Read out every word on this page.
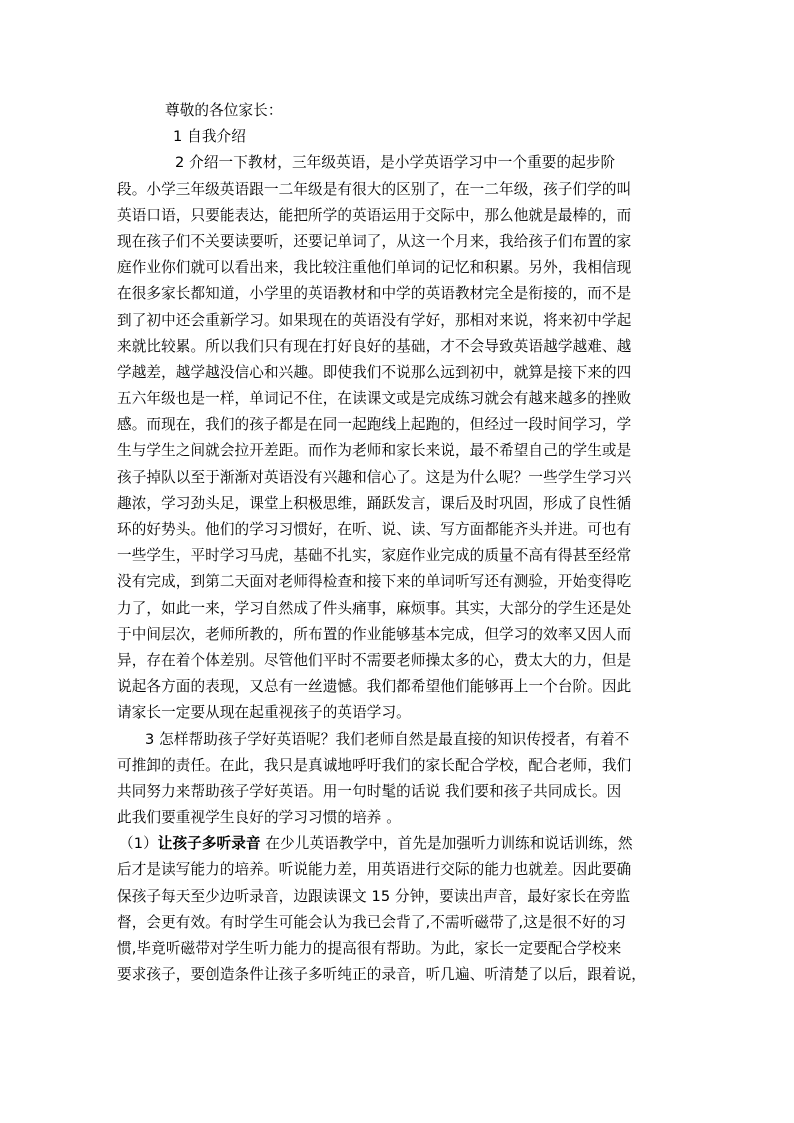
尊敬的各位家长：
1 自我介绍
2 介绍一下教材，三年级英语，是小学英语学习中一个重要的起步阶
段。小学三年级英语跟一二年级是有很大的区别了，在一二年级，孩子们学的叫
英语口语，只要能表达，能把所学的英语运用于交际中，那么他就是最棒的，而
现在孩子们不关要读要听，还要记单词了，从这一个月来，我给孩子们布置的家
庭作业你们就可以看出来，我比较注重他们单词的记忆和积累。另外，我相信现
在很多家长都知道，小学里的英语教材和中学的英语教材完全是衔接的，而不是
到了初中还会重新学习。如果现在的英语没有学好，那相对来说，将来初中学起
来就比较累。所以我们只有现在打好良好的基础，才不会导致英语越学越难、越
学越差，越学越没信心和兴趣。即使我们不说那么远到初中，就算是接下来的四
五六年级也是一样，单词记不住，在读课文或是完成练习就会有越来越多的挫败
感。而现在，我们的孩子都是在同一起跑线上起跑的，但经过一段时间学习，学
生与学生之间就会拉开差距。而作为老师和家长来说，最不希望自己的学生或是
孩子掉队以至于渐渐对英语没有兴趣和信心了。这是为什么呢？一些学生学习兴
趣浓，学习劲头足，课堂上积极思维，踊跃发言，课后及时巩固，形成了良性循
环的好势头。他们的学习习惯好，在听、说、读、写方面都能齐头并进。可也有
一些学生，平时学习马虎，基础不扎实，家庭作业完成的质量不高有得甚至经常
没有完成，到第二天面对老师得检查和接下来的单词听写还有测验，开始变得吃
力了，如此一来，学习自然成了件头痛事，麻烦事。其实，大部分的学生还是处
于中间层次，老师所教的，所布置的作业能够基本完成，但学习的效率又因人而
异，存在着个体差别。尽管他们平时不需要老师操太多的心，费太大的力，但是
说起各方面的表现，又总有一丝遗憾。我们都希望他们能够再上一个台阶。因此
请家长一定要从现在起重视孩子的英语学习。
3 怎样帮助孩子学好英语呢？我们老师自然是最直接的知识传授者，有着不
可推卸的责任。在此，我只是真诚地呼吁我们的家长配合学校，配合老师，我们
共同努力来帮助孩子学好英语。用一句时髦的话说 我们要和孩子共同成长。因
此我们要重视学生良好的学习习惯的培养 。
（1）让孩子多听录音 在少儿英语教学中，首先是加强听力训练和说话训练，然
后才是读写能力的培养。听说能力差，用英语进行交际的能力也就差。因此要确
保孩子每天至少边听录音，边跟读课文 15 分钟，要读出声音，最好家长在旁监
督，会更有效。有时学生可能会认为我已会背了,不需听磁带了,这是很不好的习
惯,毕竟听磁带对学生听力能力的提高很有帮助。为此，家长一定要配合学校来
要求孩子，要创造条件让孩子多听纯正的录音，听几遍、听清楚了以后，跟着说，
